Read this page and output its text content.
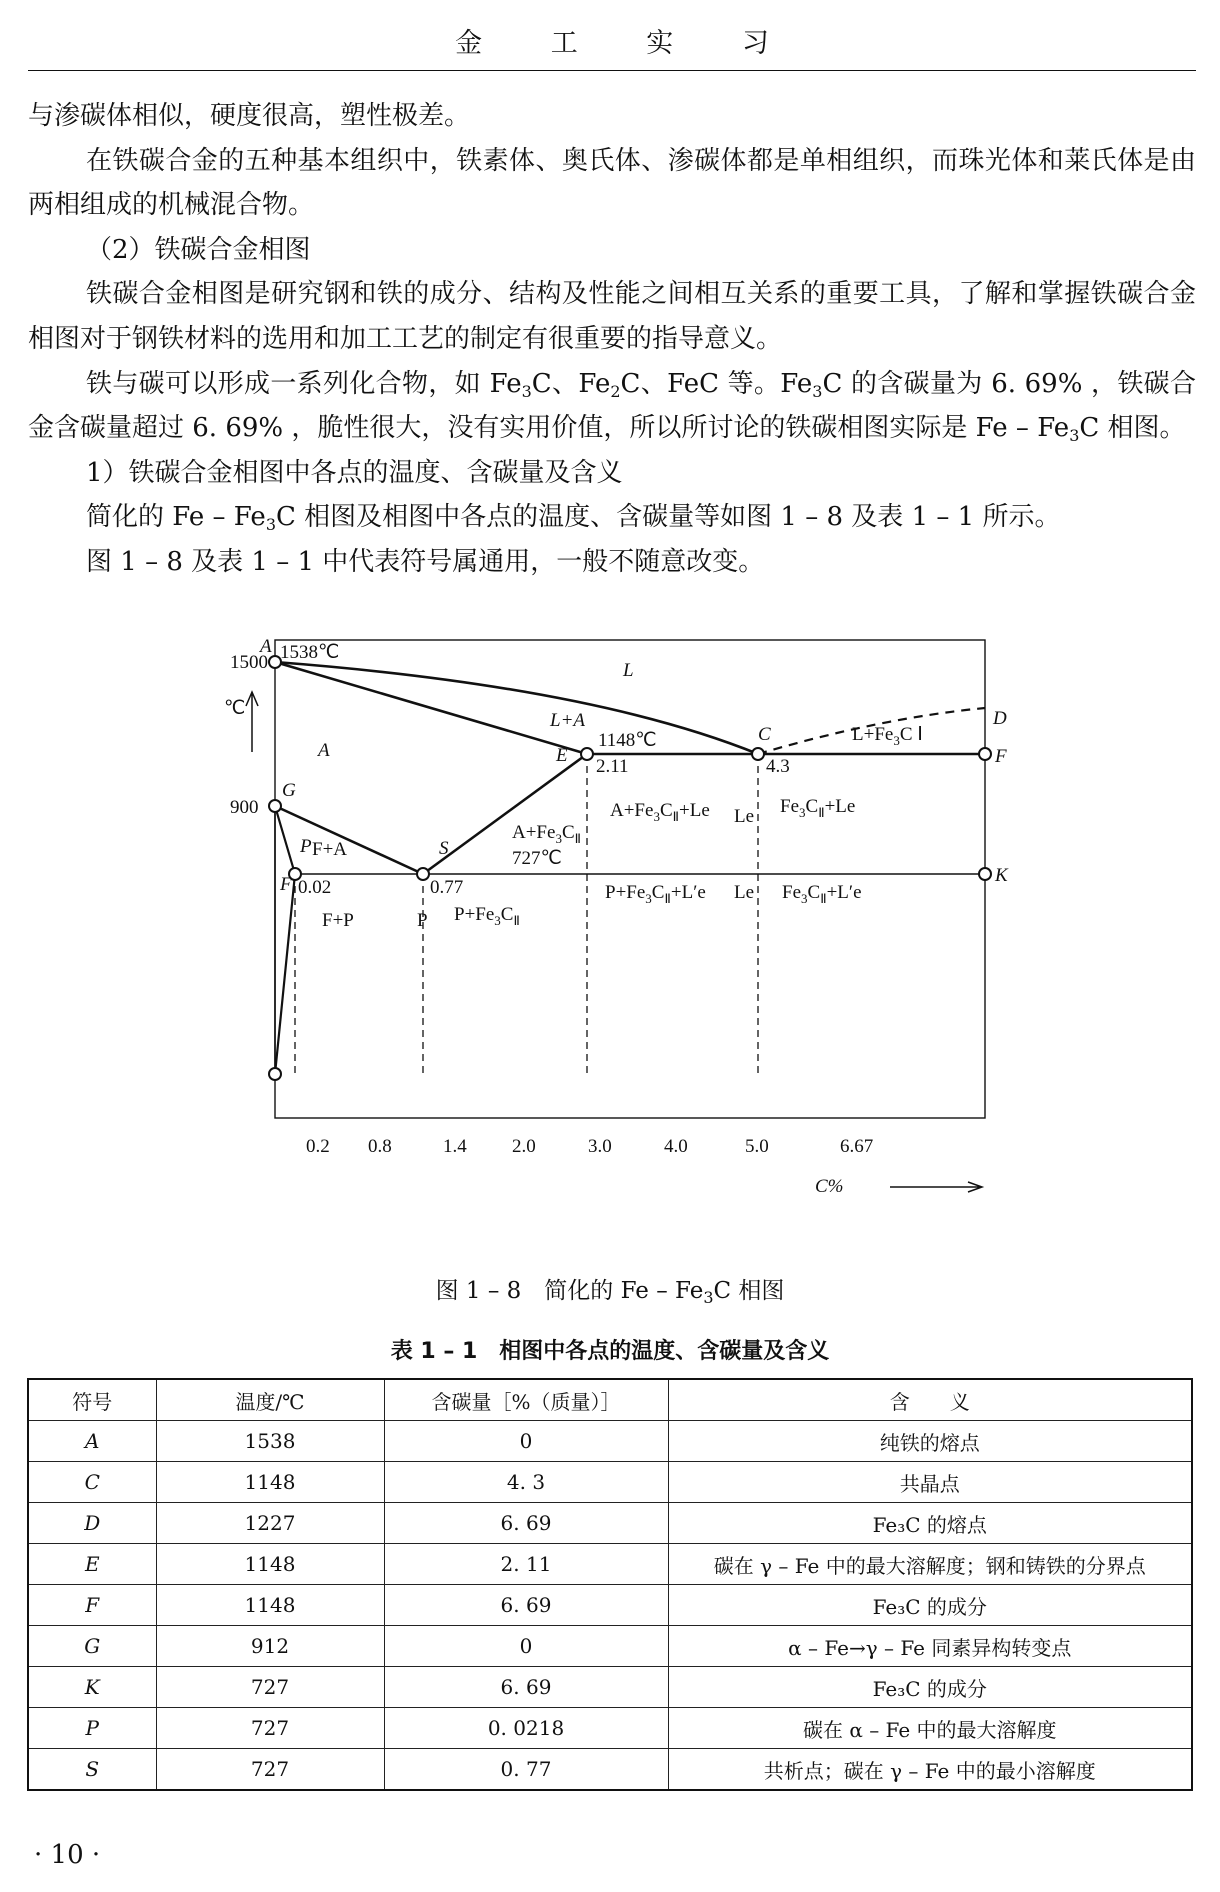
金 工 实 习

与渗碳体相似，硬度很高，塑性极差。

在铁碳合金的五种基本组织中，铁素体、奥氏体、渗碳体都是单相组织，而珠光体和莱氏体是由两相组成的机械混合物。

（2）铁碳合金相图

铁碳合金相图是研究钢和铁的成分、结构及性能之间相互关系的重要工具，了解和掌握铁碳合金相图对于钢铁材料的选用和加工工艺的制定有很重要的指导意义。

铁与碳可以形成一系列化合物，如 $Fe_3C$、$Fe_2C$、FeC 等。$Fe_3C$ 的含碳量为 6. 69% ，铁碳合金含碳量超过 6. 69% ，脆性很大，没有实用价值，所以所讨论的铁碳相图实际是 Fe – $Fe_3C$ 相图。

1）铁碳合金相图中各点的温度、含碳量及含义

简化的 Fe – $Fe_3C$ 相图及相图中各点的温度、含碳量等如图 1 – 8 及表 1 – 1 所示。

图 1 – 8 及表 1 – 1 中代表符号属通用，一般不随意改变。

A 1538℃
1500
℃
L
D
L+A
1148℃	C	$L+Fe_3C$ Ⅰ
F
A	E
2.11	4.3
G
900	$A+Fe_3C_Ⅱ+Le$ Le $Fe_3C_Ⅱ+Le$
P F+A	S
$A+Fe_3C_Ⅱ$
727℃
F 0.02	0.77
K
$P+Fe_3C_Ⅱ+L'e$ Le $Fe_3C_Ⅱ+L'e$
F+P	P $P+Fe_3C_Ⅱ$
0.2 0.8	1.4 2.0	3.0	4.0	5.0	6.67
C%
图 1 – 8　简化的 Fe – $Fe_3C$ 相图
表 1 – 1　相图中各点的温度、含碳量及含义
符号	温度/℃	含碳量［%（质量）］	含　　义
A	1538	0	纯铁的熔点
C	1148	4. 3	共晶点
D	1227	6. 69	Fe₃C 的熔点
E	1148	2. 11	碳在 γ – Fe 中的最大溶解度；钢和铸铁的分界点
F	1148	6. 69	Fe₃C 的成分
G	912	0	α – Fe→γ – Fe 同素异构转变点
K	727	6. 69	Fe₃C 的成分
P	727	0. 0218	碳在 α – Fe 中的最大溶解度
S	727	0. 77	共析点；碳在 γ – Fe 中的最小溶解度
· 10 ·
